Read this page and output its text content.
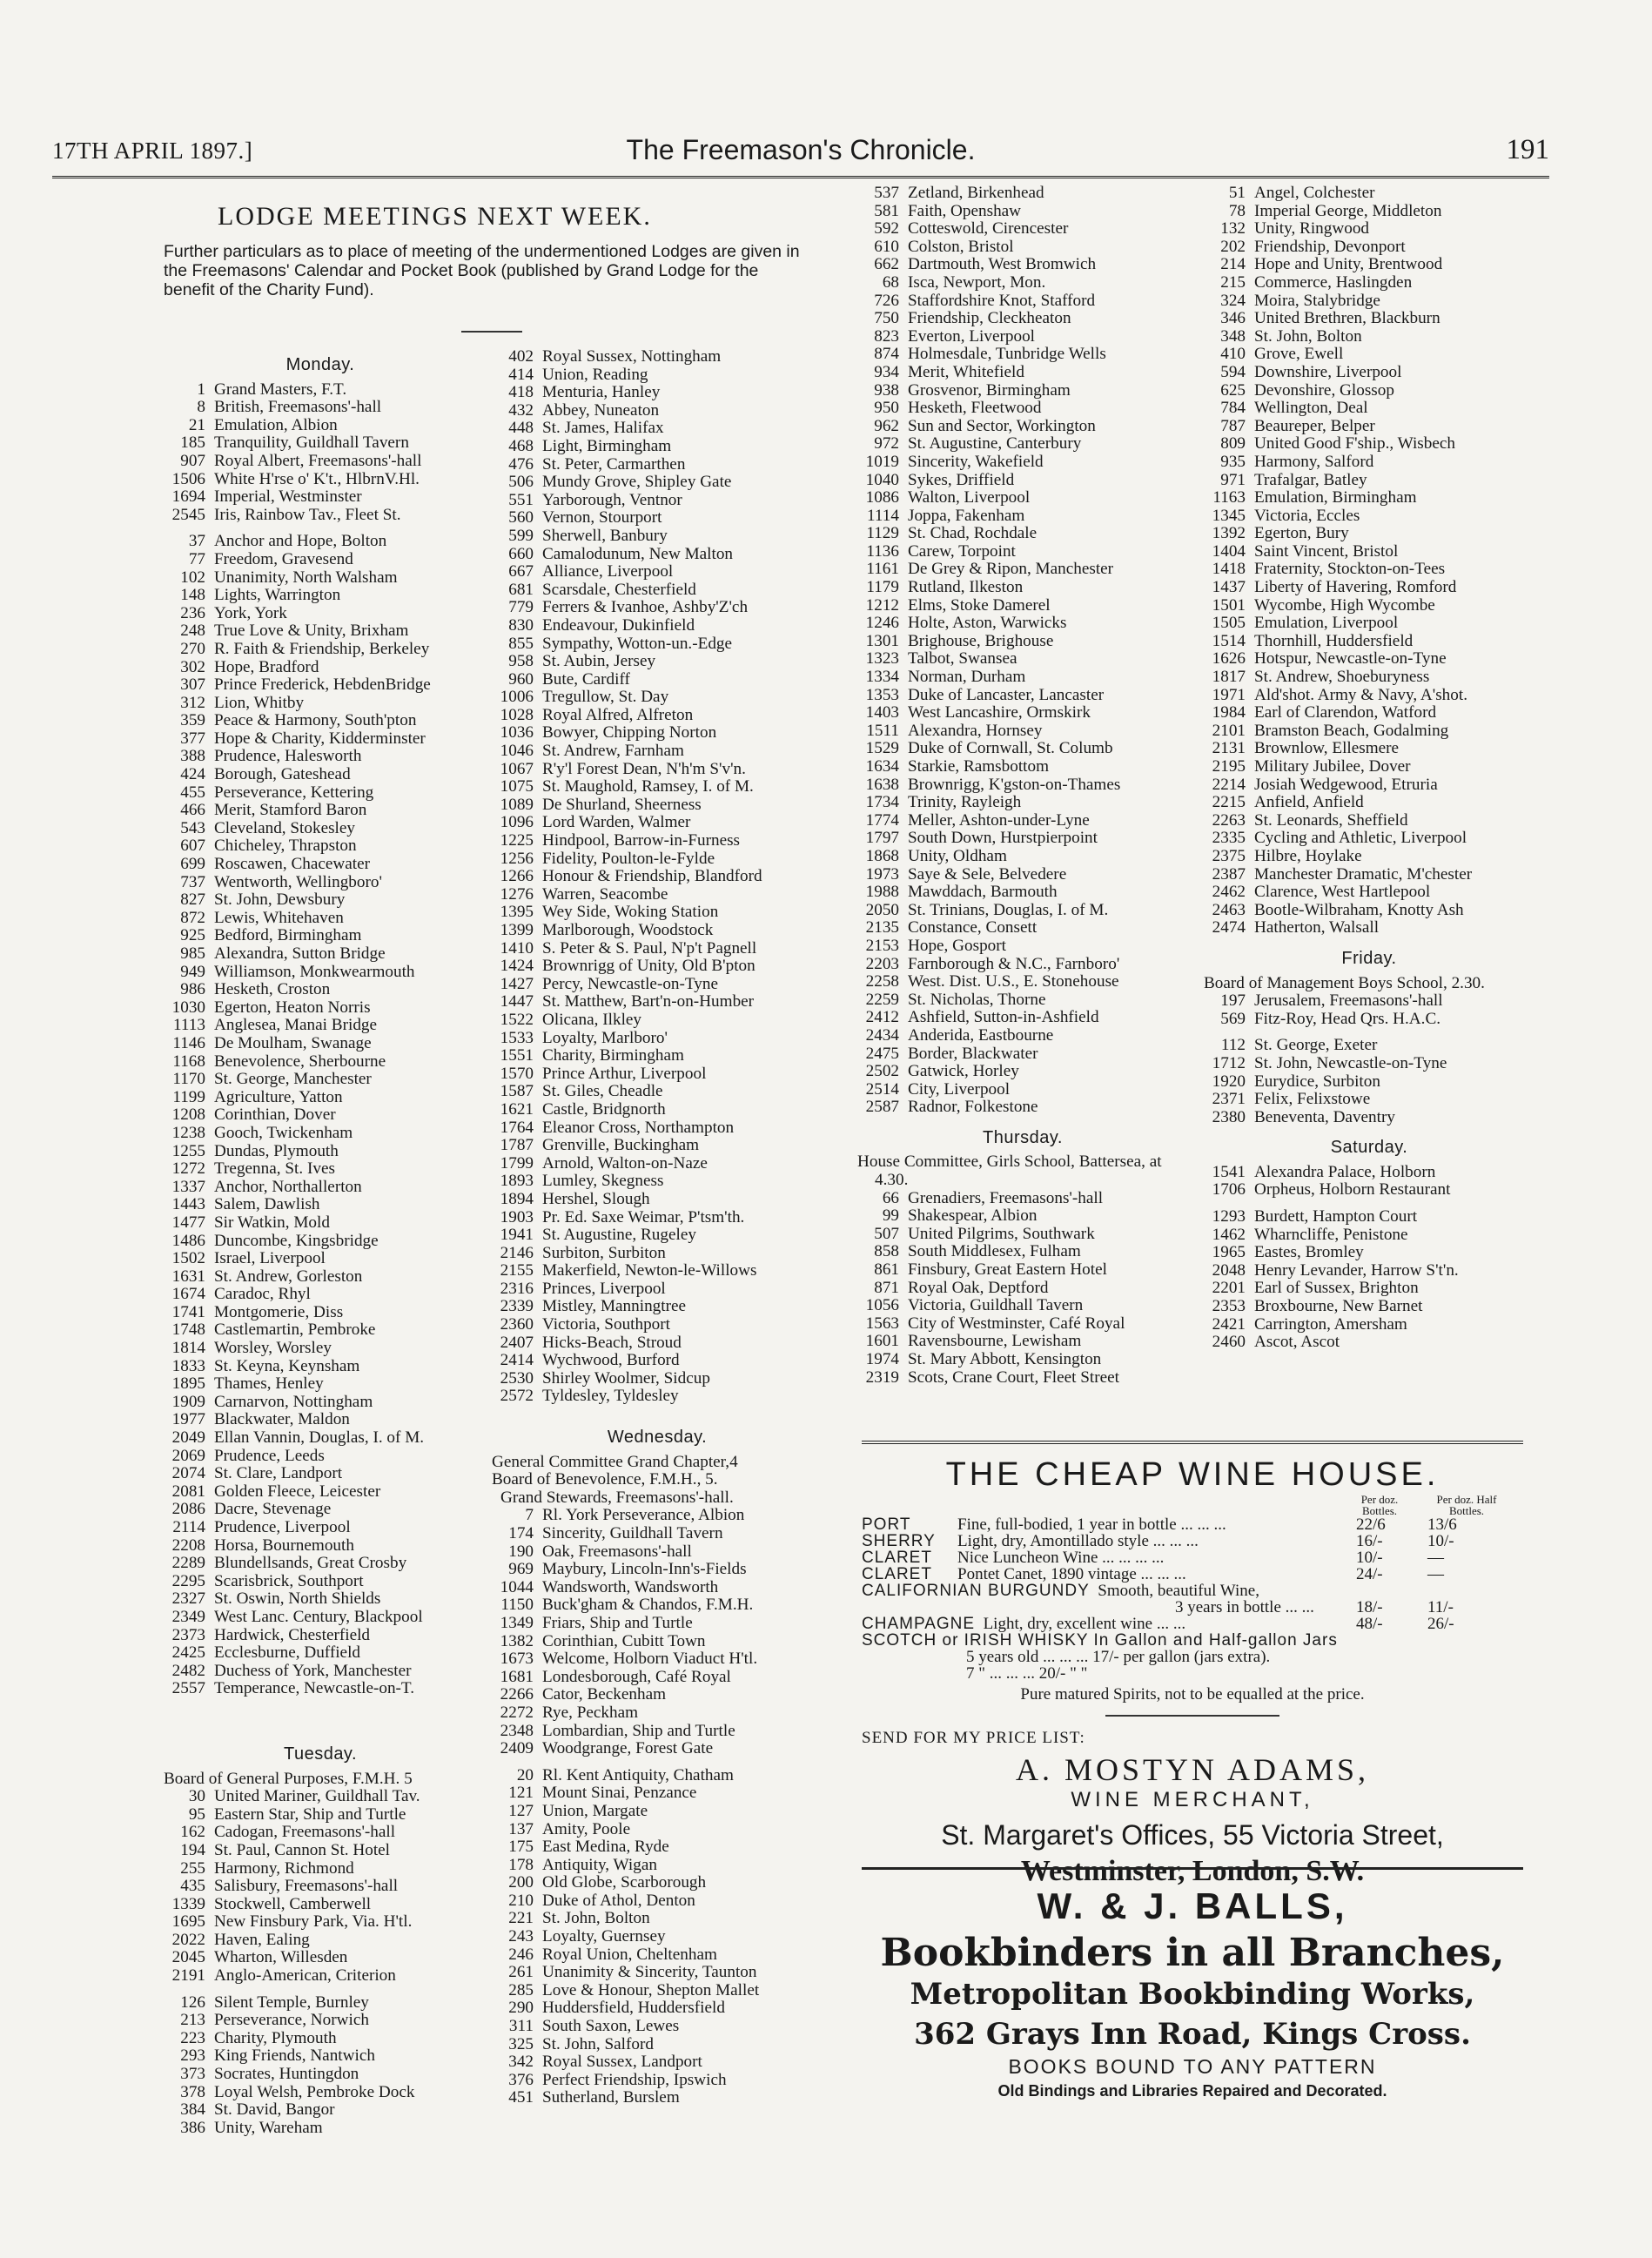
17TH APRIL 1897.]	The Freemason's Chronicle.	191
LODGE MEETINGS NEXT WEEK.
Further particulars as to place of meeting of the undermentioned Lodges are given in the Freemasons' Calendar and Pocket Book (published by Grand Lodge for the benefit of the Charity Fund).
Monday.
1 Grand Masters, F.T.
8 British, Freemasons'-hall
21 Emulation, Albion
185 Tranquility, Guildhall Tavern
907 Royal Albert, Freemasons'-hall
1506 White H'rse o' K't., HlbrnV.Hl.
1694 Imperial, Westminster
2545 Iris, Rainbow Tav., Fleet St.
37 Anchor and Hope, Bolton
77 Freedom, Gravesend
102 Unanimity, North Walsham
148 Lights, Warrington
236 York, York
248 True Love & Unity, Brixham
270 R. Faith & Friendship, Berkeley
302 Hope, Bradford
307 Prince Frederick, HebdenBridge
312 Lion, Whitby
359 Peace & Harmony, South'pton
377 Hope & Charity, Kidderminster
388 Prudence, Halesworth
424 Borough, Gateshead
455 Perseverance, Kettering
466 Merit, Stamford Baron
543 Cleveland, Stokesley
607 Chicheley, Thrapston
699 Roscawen, Chacewater
737 Wentworth, Wellingboro'
827 St. John, Dewsbury
872 Lewis, Whitehaven
925 Bedford, Birmingham
985 Alexandra, Sutton Bridge
949 Williamson, Monkwearmouth
986 Hesketh, Croston
1030 Egerton, Heaton Norris
1113 Anglesea, Manai Bridge
1146 De Moulham, Swanage
1168 Benevolence, Sherbourne
1170 St. George, Manchester
1199 Agriculture, Yatton
1208 Corinthian, Dover
1238 Gooch, Twickenham
1255 Dundas, Plymouth
1272 Tregenna, St. Ives
1337 Anchor, Northallerton
1443 Salem, Dawlish
1477 Sir Watkin, Mold
1486 Duncombe, Kingsbridge
1502 Israel, Liverpool
1631 St. Andrew, Gorleston
1674 Caradoc, Rhyl
1741 Montgomerie, Diss
1748 Castlemartin, Pembroke
1814 Worsley, Worsley
1833 St. Keyna, Keynsham
1895 Thames, Henley
1909 Carnarvon, Nottingham
1977 Blackwater, Maldon
2049 Ellan Vannin, Douglas, I. of M.
2069 Prudence, Leeds
2074 St. Clare, Landport
2081 Golden Fleece, Leicester
2086 Dacre, Stevenage
2114 Prudence, Liverpool
2208 Horsa, Bournemouth
2289 Blundellsands, Great Crosby
2295 Scarisbrick, Southport
2327 St. Oswin, North Shields
2349 West Lanc. Century, Blackpool
2373 Hardwick, Chesterfield
2425 Ecclesburne, Duffield
2482 Duchess of York, Manchester
2557 Temperance, Newcastle-on-T.
Tuesday.
Board of General Purposes, F.M.H. 5
30 United Mariner, Guildhall Tav.
95 Eastern Star, Ship and Turtle
162 Cadogan, Freemasons'-hall
194 St. Paul, Cannon St. Hotel
255 Harmony, Richmond
435 Salisbury, Freemasons'-hall
1339 Stockwell, Camberwell
1695 New Finsbury Park, Via. H'tl.
2022 Haven, Ealing
2045 Wharton, Willesden
2191 Anglo-American, Criterion
126 Silent Temple, Burnley
213 Perseverance, Norwich
223 Charity, Plymouth
293 King Friends, Nantwich
373 Socrates, Huntingdon
378 Loyal Welsh, Pembroke Dock
384 St. David, Bangor
386 Unity, Wareham
402 Royal Sussex, Nottingham
414 Union, Reading
418 Menturia, Hanley
432 Abbey, Nuneaton
448 St. James, Halifax
468 Light, Birmingham
476 St. Peter, Carmarthen
506 Mundy Grove, Shipley Gate
551 Yarborough, Ventnor
560 Vernon, Stourport
599 Sherwell, Banbury
660 Camalodunum, New Malton
667 Alliance, Liverpool
681 Scarsdale, Chesterfield
779 Ferrers & Ivanhoe, Ashby'Z'ch
830 Endeavour, Dukinfield
855 Sympathy, Wotton-un.-Edge
958 St. Aubin, Jersey
960 Bute, Cardiff
1006 Tregullow, St. Day
1028 Royal Alfred, Alfreton
1036 Bowyer, Chipping Norton
1046 St. Andrew, Farnham
1067 R'y'l Forest Dean, N'h'm S'v'n.
1075 St. Maughold, Ramsey, I. of M.
1089 De Shurland, Sheerness
1096 Lord Warden, Walmer
1225 Hindpool, Barrow-in-Furness
1256 Fidelity, Poulton-le-Fylde
1266 Honour & Friendship, Blandford
1276 Warren, Seacombe
1395 Wey Side, Woking Station
1399 Marlborough, Woodstock
1410 S. Peter & S. Paul, N'p't Pagnell
1424 Brownrigg of Unity, Old B'pton
1427 Percy, Newcastle-on-Tyne
1447 St. Matthew, Bart'n-on-Humber
1522 Olicana, Ilkley
1533 Loyalty, Marlboro'
1551 Charity, Birmingham
1570 Prince Arthur, Liverpool
1587 St. Giles, Cheadle
1621 Castle, Bridgnorth
1764 Eleanor Cross, Northampton
1787 Grenville, Buckingham
1799 Arnold, Walton-on-Naze
1893 Lumley, Skegness
1894 Hershel, Slough
1903 Pr. Ed. Saxe Weimar, P'tsm'th.
1941 St. Augustine, Rugeley
2146 Surbiton, Surbiton
2155 Makerfield, Newton-le-Willows
2316 Princes, Liverpool
2339 Mistley, Manningtree
2360 Victoria, Southport
2407 Hicks-Beach, Stroud
2414 Wychwood, Burford
2530 Shirley Woolmer, Sidcup
2572 Tyldesley, Tyldesley
Wednesday.
General Committee Grand Chapter,4
Board of Benevolence, F.M.H., 5.
Grand Stewards, Freemasons'-hall.
7 Rl. York Perseverance, Albion
174 Sincerity, Guildhall Tavern
190 Oak, Freemasons'-hall
969 Maybury, Lincoln-Inn's-Fields
1044 Wandsworth, Wandsworth
1150 Buck'gham & Chandos, F.M.H.
1349 Friars, Ship and Turtle
1382 Corinthian, Cubitt Town
1673 Welcome, Holborn Viaduct H'tl.
1681 Londesborough, Café Royal
2266 Cator, Beckenham
2272 Rye, Peckham
2348 Lombardian, Ship and Turtle
2409 Woodgrange, Forest Gate
20 Rl. Kent Antiquity, Chatham
121 Mount Sinai, Penzance
127 Union, Margate
137 Amity, Poole
175 East Medina, Ryde
178 Antiquity, Wigan
200 Old Globe, Scarborough
210 Duke of Athol, Denton
221 St. John, Bolton
243 Loyalty, Guernsey
246 Royal Union, Cheltenham
261 Unanimity & Sincerity, Taunton
285 Love & Honour, Shepton Mallet
290 Huddersfield, Huddersfield
311 South Saxon, Lewes
325 St. John, Salford
342 Royal Sussex, Landport
376 Perfect Friendship, Ipswich
451 Sutherland, Burslem
537 Zetland, Birkenhead
581 Faith, Openshaw
592 Cotteswold, Cirencester
610 Colston, Bristol
662 Dartmouth, West Bromwich
68 Isca, Newport, Mon.
726 Staffordshire Knot, Stafford
750 Friendship, Cleckheaton
823 Everton, Liverpool
874 Holmesdale, Tunbridge Wells
934 Merit, Whitefield
938 Grosvenor, Birmingham
950 Hesketh, Fleetwood
962 Sun and Sector, Workington
972 St. Augustine, Canterbury
1019 Sincerity, Wakefield
1040 Sykes, Driffield
1086 Walton, Liverpool
1114 Joppa, Fakenham
1129 St. Chad, Rochdale
1136 Carew, Torpoint
1161 De Grey & Ripon, Manchester
1179 Rutland, Ilkeston
1212 Elms, Stoke Damerel
1246 Holte, Aston, Warwicks
1301 Brighouse, Brighouse
1323 Talbot, Swansea
1334 Norman, Durham
1353 Duke of Lancaster, Lancaster
1403 West Lancashire, Ormskirk
1511 Alexandra, Hornsey
1529 Duke of Cornwall, St. Columb
1634 Starkie, Ramsbottom
1638 Brownrigg, K'gston-on-Thames
1734 Trinity, Rayleigh
1774 Meller, Ashton-under-Lyne
1797 South Down, Hurstpierpoint
1868 Unity, Oldham
1973 Saye & Sele, Belvedere
1988 Mawddach, Barmouth
2050 St. Trinians, Douglas, I. of M.
2135 Constance, Consett
2153 Hope, Gosport
2203 Farnborough & N.C., Farnboro'
2258 West. Dist. U.S., E. Stonehouse
2259 St. Nicholas, Thorne
2412 Ashfield, Sutton-in-Ashfield
2434 Anderida, Eastbourne
2475 Border, Blackwater
2502 Gatwick, Horley
2514 City, Liverpool
2587 Radnor, Folkestone
Thursday.
House Committee, Girls School, Battersea, at 4.30.
66 Grenadiers, Freemasons'-hall
99 Shakespear, Albion
507 United Pilgrims, Southwark
858 South Middlesex, Fulham
861 Finsbury, Great Eastern Hotel
871 Royal Oak, Deptford
1056 Victoria, Guildhall Tavern
1563 City of Westminster, Café Royal
1601 Ravensbourne, Lewisham
1974 St. Mary Abbott, Kensington
2319 Scots, Crane Court, Fleet Street
51 Angel, Colchester
78 Imperial George, Middleton
132 Unity, Ringwood
202 Friendship, Devonport
214 Hope and Unity, Brentwood
215 Commerce, Haslingden
324 Moira, Stalybridge
346 United Brethren, Blackburn
348 St. John, Bolton
410 Grove, Ewell
594 Downshire, Liverpool
625 Devonshire, Glossop
784 Wellington, Deal
787 Beaureper, Belper
809 United Good F'ship., Wisbech
935 Harmony, Salford
971 Trafalgar, Batley
1163 Emulation, Birmingham
1345 Victoria, Eccles
1392 Egerton, Bury
1404 Saint Vincent, Bristol
1418 Fraternity, Stockton-on-Tees
1437 Liberty of Havering, Romford
1501 Wycombe, High Wycombe
1505 Emulation, Liverpool
1514 Thornhill, Huddersfield
1626 Hotspur, Newcastle-on-Tyne
1817 St. Andrew, Shoeburyness
1971 Ald'shot. Army & Navy, A'shot.
1984 Earl of Clarendon, Watford
2101 Bramston Beach, Godalming
2131 Brownlow, Ellesmere
2195 Military Jubilee, Dover
2214 Josiah Wedgewood, Etruria
2215 Anfield, Anfield
2263 St. Leonards, Sheffield
2335 Cycling and Athletic, Liverpool
2375 Hilbre, Hoylake
2387 Manchester Dramatic, M'chester
2462 Clarence, West Hartlepool
2463 Bootle-Wilbraham, Knotty Ash
2474 Hatherton, Walsall
Friday.
Board of Management Boys School, 2.30.
197 Jerusalem, Freemasons'-hall
569 Fitz-Roy, Head Qrs. H.A.C.
112 St. George, Exeter
1712 St. John, Newcastle-on-Tyne
1920 Eurydice, Surbiton
2371 Felix, Felixstowe
2380 Beneventa, Daventry
Saturday.
1541 Alexandra Palace, Holborn
1706 Orpheus, Holborn Restaurant
1293 Burdett, Hampton Court
1462 Wharncliffe, Penistone
1965 Eastes, Bromley
2048 Henry Levander, Harrow S't'n.
2201 Earl of Sussex, Brighton
2353 Broxbourne, New Barnet
2421 Carrington, Amersham
2460 Ascot, Ascot
THE CHEAP WINE HOUSE.
Per doz. Bottles.
Per doz. Half Bottles.
PORT	Fine, full-bodied, 1 year in bottle ... ... ...	22/6	13/6
SHERRY	Light, dry, Amontillado style ... ... ...	16/-	10/-
CLARET	Nice Luncheon Wine ... ... ... ...	10/-	—
CLARET	Pontet Canet, 1890 vintage ... ... ...	24/-	—
CALIFORNIAN BURGUNDY
Smooth, beautiful Wine,
3 years in bottle ... ...	18/-	11/-
CHAMPAGNE
Light, dry, excellent wine ... ...	48/-	26/-
SCOTCH or IRISH WHISKY In Gallon and Half-gallon Jars
5 years old ... ... ... 17/- per gallon (jars extra).
7 " ... ... ... 20/- " "
Pure matured Spirits, not to be equalled at the price.
SEND FOR MY PRICE LIST:
A. MOSTYN ADAMS,
WINE MERCHANT,
St. Margaret's Offices, 55 Victoria Street,
Westminster, London, S.W.
W. & J. BALLS,
Bookbinders in all Branches,
Metropolitan Bookbinding Works,
362 Grays Inn Road, Kings Cross.
BOOKS BOUND TO ANY PATTERN
Old Bindings and Libraries Repaired and Decorated.
